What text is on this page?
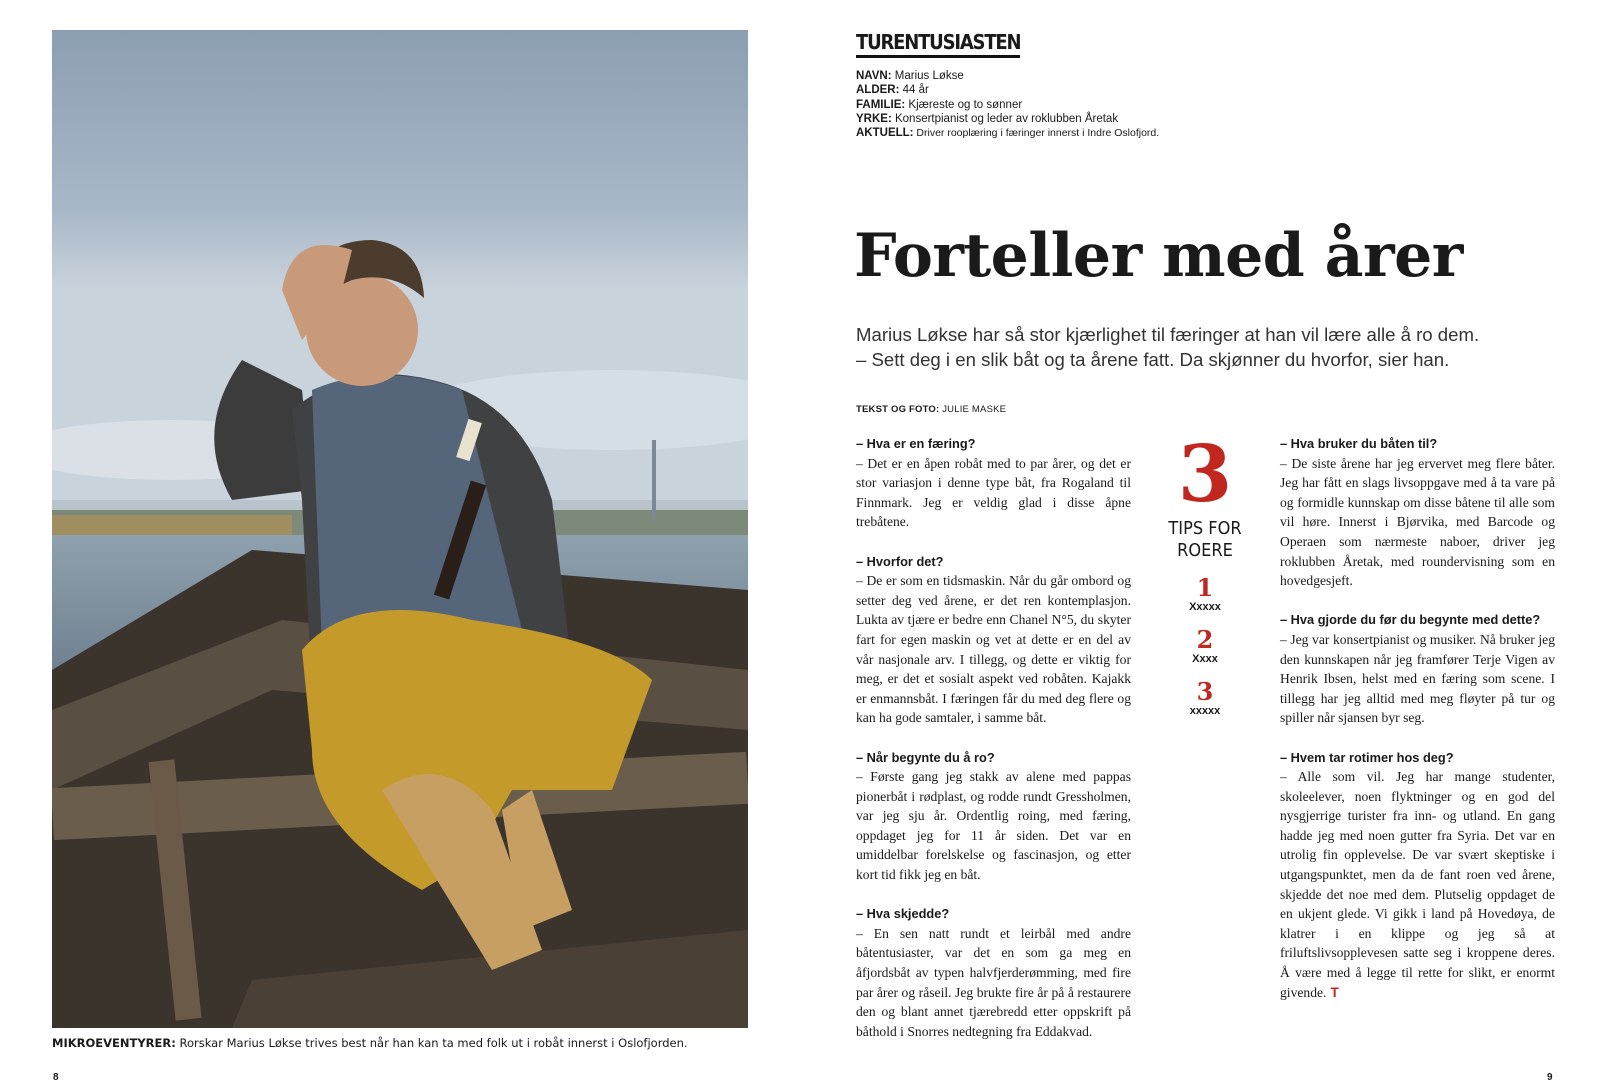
MIKROEVENTYRER: Rorskar Marius Løkse trives best når han kan ta med folk ut i robåt innerst i Oslofjorden.
8	9
TURENTUSIASTEN
NAVN: Marius Løkse
ALDER: 44 år
FAMILIE: Kjæreste og to sønner
YRKE: Konsertpianist og leder av roklubben Åretak
AKTUELL: Driver rooplæring i færinger innerst i Indre Oslofjord.
Forteller med årer
Marius Løkse har så stor kjærlighet til færinger at han vil lære alle å ro dem.
– Sett deg i en slik båt og ta årene fatt. Da skjønner du hvorfor, sier han.
TEKST OG FOTO: JULIE MASKE
– Hva er en færing?
– Det er en åpen robåt med to par årer, og det er stor variasjon i denne type båt, fra Rogaland til Finnmark. Jeg er veldig glad i disse åpne trebåtene.
– Hvorfor det?
– De er som en tidsmaskin. Når du går ombord og setter deg ved årene, er det ren kontemplasjon. Lukta av tjære er bedre enn Chanel N°5, du skyter fart for egen maskin og vet at dette er en del av vår nasjonale arv. I tillegg, og dette er viktig for meg, er det et sosialt aspekt ved robåten. Kajakk er enmannsbåt. I færingen får du med deg flere og kan ha gode samtaler, i samme båt.
– Når begynte du å ro?
– Første gang jeg stakk av alene med pappas pionerbåt i rødplast, og rodde rundt Gressholmen, var jeg sju år. Ordentlig roing, med færing, oppdaget jeg for 11 år siden. Det var en umiddelbar forelskelse og fascinasjon, og etter kort tid fikk jeg en båt.
– Hva skjedde?
– En sen natt rundt et leirbål med andre båtentusiaster, var det en som ga meg en åfjordsbåt av typen halvfjerderømming, med fire par årer og råseil. Jeg brukte fire år på å restaurere den og blant annet tjærebredd etter oppskrift på båthold i Snorres nedtegning fra Eddakvad.
3
TIPS FOR
ROERE
1
Xxxxx
2
Xxxx
3
xxxxx
– Hva bruker du båten til?
– De siste årene har jeg ervervet meg flere båter. Jeg har fått en slags livsoppgave med å ta vare på og formidle kunnskap om disse båtene til alle som vil høre. Innerst i Bjørvika, med Barcode og Operaen som nærmeste naboer, driver jeg roklubben Åretak, med roundervisning som en hovedgesjeft.
– Hva gjorde du før du begynte med dette?
– Jeg var konsertpianist og musiker. Nå bruker jeg den kunnskapen når jeg framfører Terje Vigen av Henrik Ibsen, helst med en færing som scene. I tillegg har jeg alltid med meg fløyter på tur og spiller når sjansen byr seg.
– Hvem tar rotimer hos deg?
– Alle som vil. Jeg har mange studenter, skoleelever, noen flyktninger og en god del nysgjerrige turister fra inn- og utland. En gang hadde jeg med noen gutter fra Syria. Det var en utrolig fin opplevelse. De var svært skeptiske i utgangspunktet, men da de fant roen ved årene, skjedde det noe med dem. Plutselig oppdaget de en ukjent glede. Vi gikk i land på Hovedøya, de klatrer i en klippe og jeg så at friluftslivsopplevesen satte seg i kroppene deres. Å være med å legge til rette for slikt, er enormt givende. T
